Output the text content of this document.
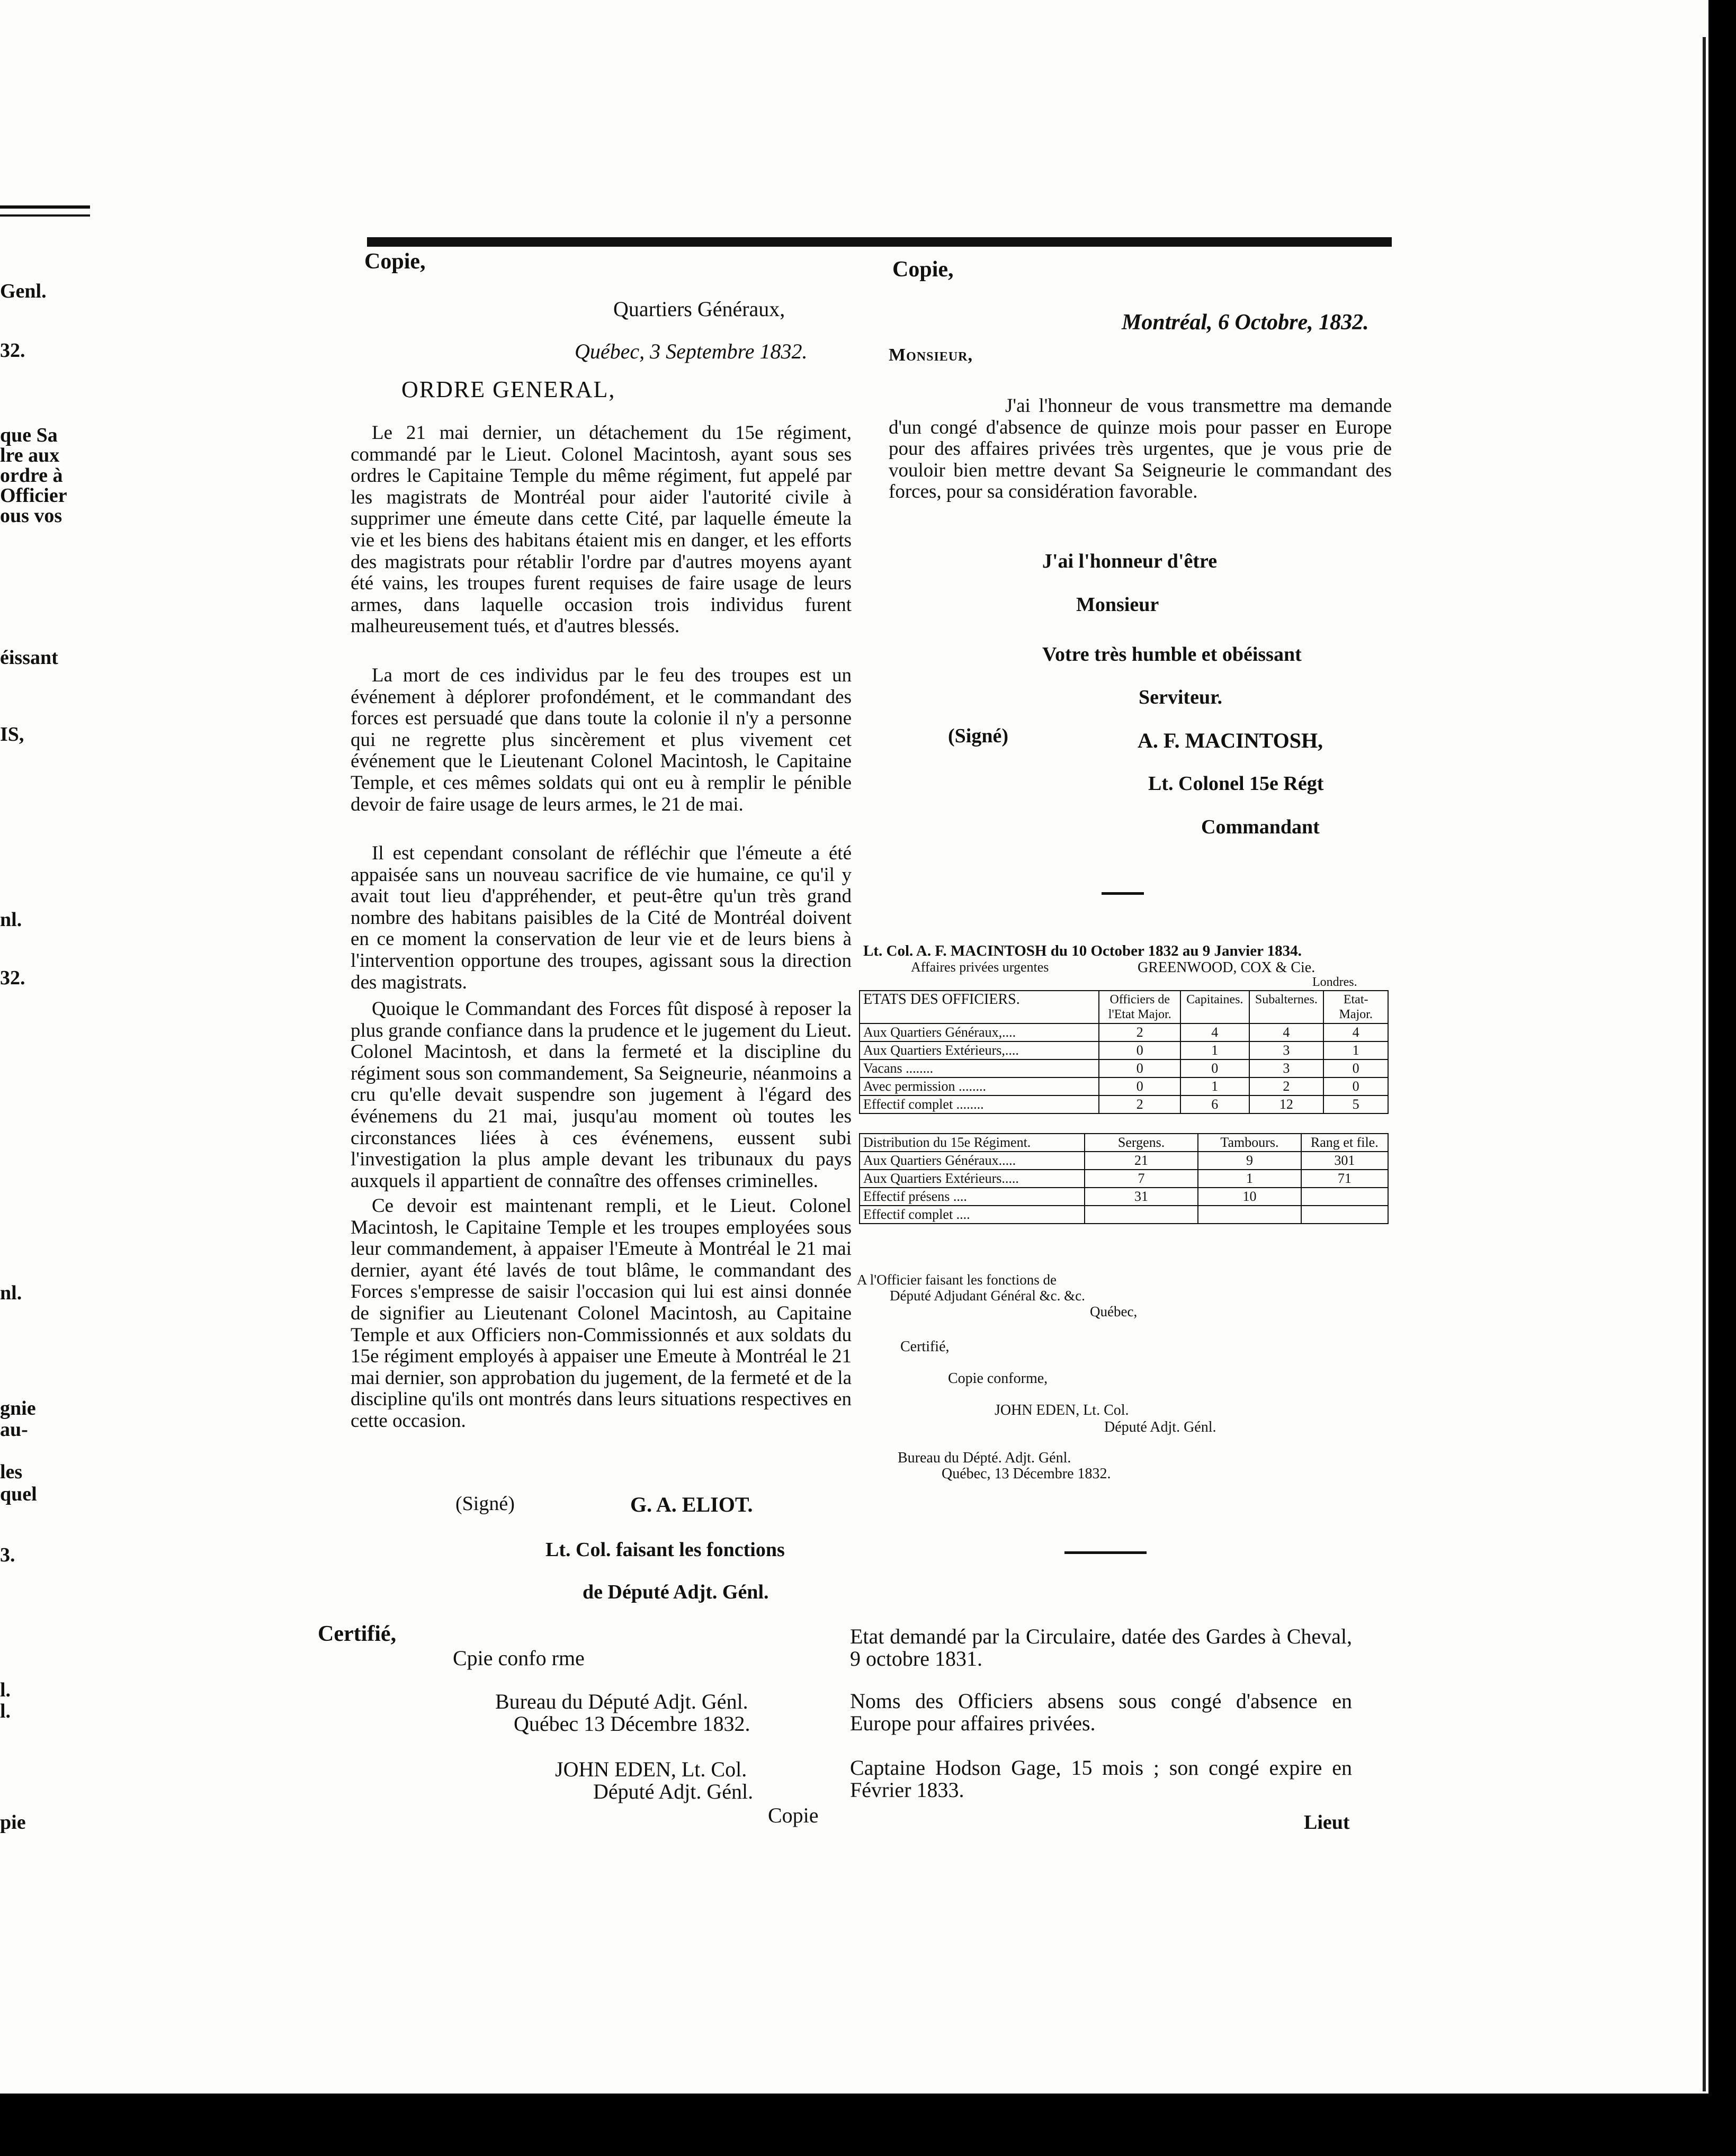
Genl.
32.
que Sa
lre aux
ordre à
Officier
ous vos
éissant
IS,
nl.
32.
nl.
gnie
au-
les
quel
3.
l.
l.
pie
Copie,
Quartiers Généraux,
Québec, 3 Septembre 1832.
ORDRE GENERAL,
Le 21 mai dernier, un détachement du 15e régiment, commandé par le Lieut. Colonel Macintosh, ayant sous ses ordres le Capitaine Temple du même régiment, fut appelé par les magistrats de Montréal pour aider l'autorité civile à supprimer une émeute dans cette Cité, par laquelle émeute la vie et les biens des habitans étaient mis en danger, et les efforts des magistrats pour rétablir l'ordre par d'autres moyens ayant été vains, les troupes furent requises de faire usage de leurs armes, dans laquelle occasion trois individus furent malheureusement tués, et d'autres blessés.
La mort de ces individus par le feu des troupes est un événement à déplorer profondément, et le commandant des forces est persuadé que dans toute la colonie il n'y a personne qui ne regrette plus sincèrement et plus vivement cet événement que le Lieutenant Colonel Macintosh, le Capitaine Temple, et ces mêmes soldats qui ont eu à remplir le pénible devoir de faire usage de leurs armes, le 21 de mai.
Il est cependant consolant de réfléchir que l'émeute a été appaisée sans un nouveau sacrifice de vie humaine, ce qu'il y avait tout lieu d'appréhender, et peut-être qu'un très grand nombre des habitans paisibles de la Cité de Montréal doivent en ce moment la conservation de leur vie et de leurs biens à l'intervention opportune des troupes, agissant sous la direction des magistrats.
Quoique le Commandant des Forces fût disposé à reposer la plus grande confiance dans la prudence et le jugement du Lieut. Colonel Macintosh, et dans la fermeté et la discipline du régiment sous son commandement, Sa Seigneurie, néanmoins a cru qu'elle devait suspendre son jugement à l'égard des événemens du 21 mai, jusqu'au moment où toutes les circonstances liées à ces événemens, eussent subi l'investigation la plus ample devant les tribunaux du pays auxquels il appartient de connaître des offenses criminelles.
Ce devoir est maintenant rempli, et le Lieut. Colonel Macintosh, le Capitaine Temple et les troupes employées sous leur commandement, à appaiser l'Emeute à Montréal le 21 mai dernier, ayant été lavés de tout blâme, le commandant des Forces s'empresse de saisir l'occasion qui lui est ainsi donnée de signifier au Lieutenant Colonel Macintosh, au Capitaine Temple et aux Officiers non-Commissionnés et aux soldats du 15e régiment employés à appaiser une Emeute à Montréal le 21 mai dernier, son approbation du jugement, de la fermeté et de la discipline qu'ils ont montrés dans leurs situations respectives en cette occasion.
(Signé)	G. A. ELIOT.
Lt. Col. faisant les fonctions
de Député Adjt. Génl.
Certifié,
Cpie confo rme
Bureau du Député Adjt. Génl.
Québec 13 Décembre 1832.
JOHN EDEN, Lt. Col.
Député Adjt. Génl.
Copie
Copie,
Montréal, 6 Octobre, 1832.
Monsieur,
J'ai l'honneur de vous transmettre ma demande d'un congé d'absence de quinze mois pour passer en Europe pour des affaires privées très urgentes, que je vous prie de vouloir bien mettre devant Sa Seigneurie le commandant des forces, pour sa considération favorable.
J'ai l'honneur d'être
Monsieur
Votre très humble et obéissant
Serviteur.
(Signé)	A. F. MACINTOSH,
Lt. Colonel 15e Régt
Commandant
Lt. Col. A. F. MACINTOSH du 10 October 1832 au 9 Janvier 1834.
Affaires privées urgentes	GREENWOOD, COX & Cie.
Londres.
ETATS DES OFFICIERS.	Officiers de l'Etat Major.	Capitaines.	Subalternes.	Etat-Major.
Aux Quartiers Généraux,....	2	4	4	4
Aux Quartiers Extérieurs,....	0	1	3	1
Vacans ........	0	0	3	0
Avec permission ........	0	1	2	0
Effectif complet ........	2	6	12	5
Distribution du 15e Régiment.	Sergens.	Tambours.	Rang et file.
Aux Quartiers Généraux.....	21	9	301
Aux Quartiers Extérieurs.....	7	1	71
Effectif présens ....	31	10	
Effectif complet ....			
A l'Officier faisant les fonctions de
Député Adjudant Général &c. &c.
Québec,
Certifié,
Copie conforme,
JOHN EDEN, Lt. Col.
Député Adjt. Génl.
Bureau du Dépté. Adjt. Génl.
Québec, 13 Décembre 1832.
Etat demandé par la Circulaire, datée des Gardes à Cheval, 9 octobre 1831.
Noms des Officiers absens sous congé d'absence en Europe pour affaires privées.
Captaine Hodson Gage, 15 mois ; son congé expire en Février 1833.
Lieut
